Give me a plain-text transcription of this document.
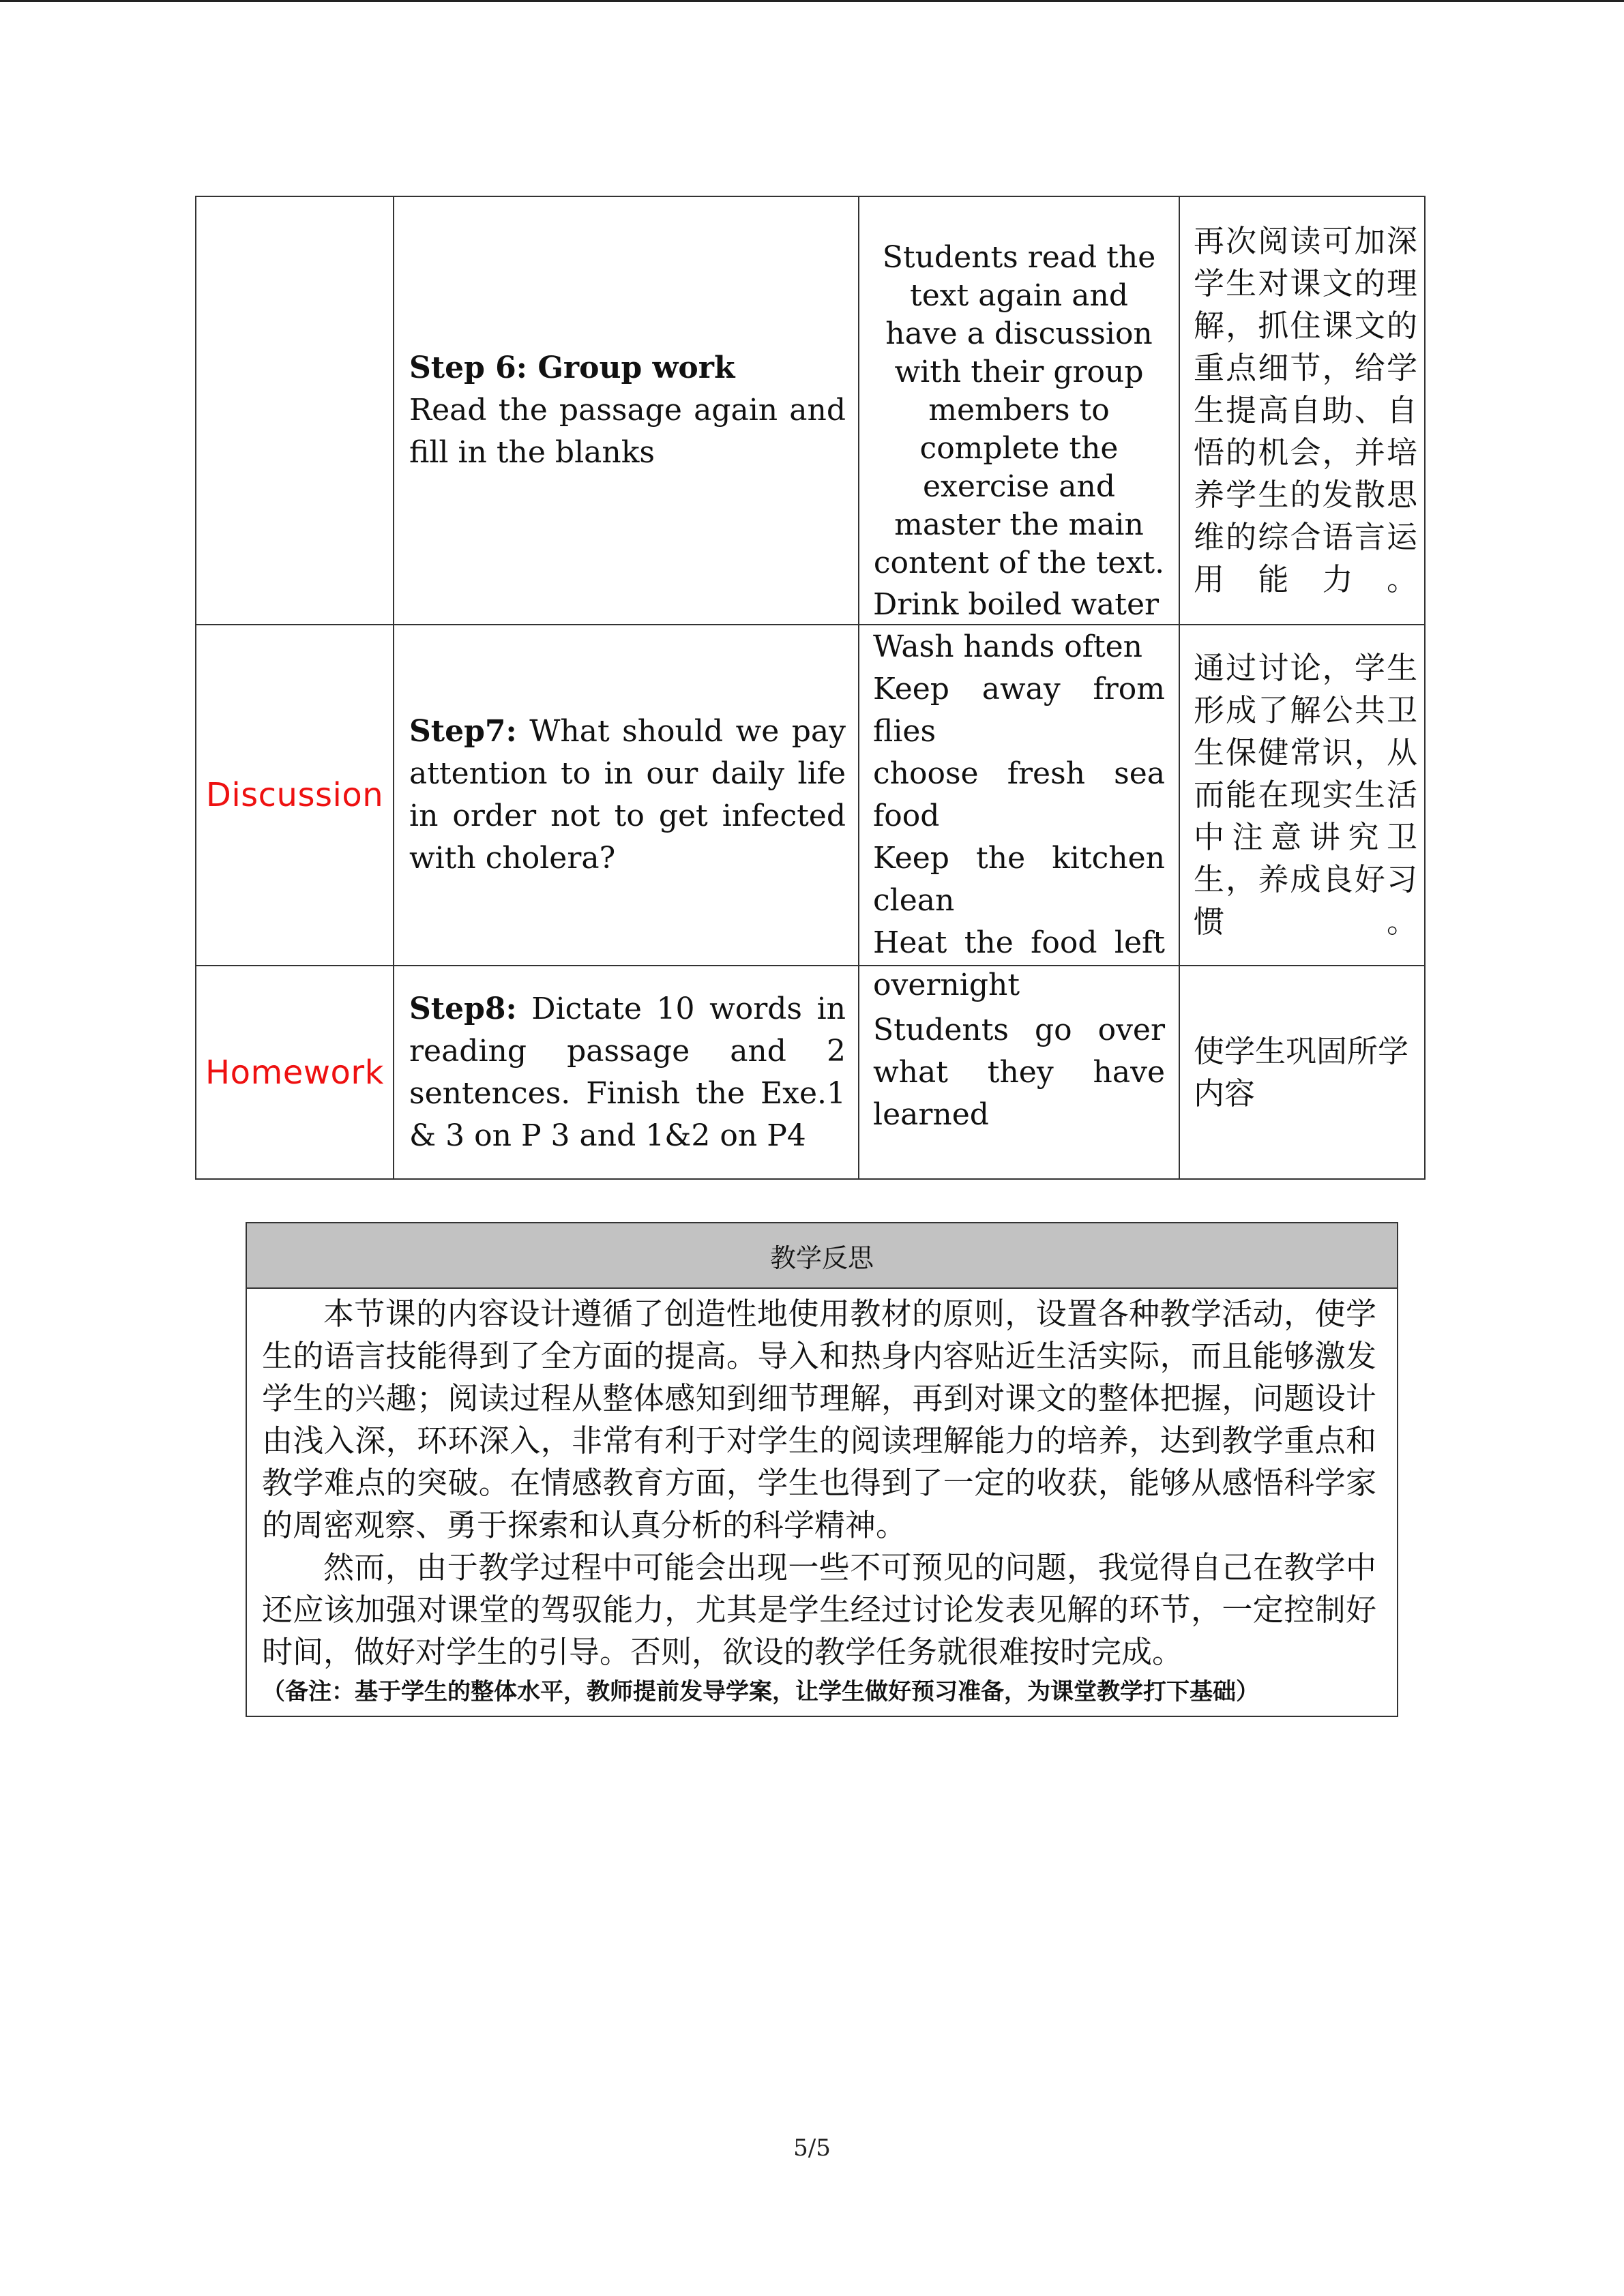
Step 6: Group work
Read the passage again and fill in the blanks
Students read the text again and have a discussion with their group members to complete the exercise and master the main content of the text.
再次阅读可加深学生对课文的理解，抓住课文的重点细节，给学生提高自助、自悟的机会，并培养学生的发散思维的综合语言运用能力。
Discussion
Step7: What should we pay attention to in our daily life in order not to get infected with cholera?
Drink boiled water
Wash hands often
Keep away from flies
choose fresh sea food
Keep the kitchen clean
Heat the food left overnight
通过讨论，学生形成了解公共卫生保健常识，从而能在现实生活中注意讲究卫生，养成良好习惯。
Homework
Step8: Dictate 10 words in reading passage and 2 sentences. Finish the Exe.1 & 3 on P 3 and 1&2 on P4
Students go over what they have learned
使学生巩固所学内容
教学反思

本节课的内容设计遵循了创造性地使用教材的原则，设置各种教学活动，使学生的语言技能得到了全方面的提高。导入和热身内容贴近生活实际，而且能够激发学生的兴趣；阅读过程从整体感知到细节理解，再到对课文的整体把握，问题设计由浅入深，环环深入，非常有利于对学生的阅读理解能力的培养，达到教学重点和教学难点的突破。在情感教育方面，学生也得到了一定的收获，能够从感悟科学家的周密观察、勇于探索和认真分析的科学精神。

然而，由于教学过程中可能会出现一些不可预见的问题，我觉得自己在教学中还应该加强对课堂的驾驭能力，尤其是学生经过讨论发表见解的环节，一定控制好时间，做好对学生的引导。否则，欲设的教学任务就很难按时完成。

（备注：基于学生的整体水平，教师提前发导学案，让学生做好预习准备，为课堂教学打下基础）

5/5
